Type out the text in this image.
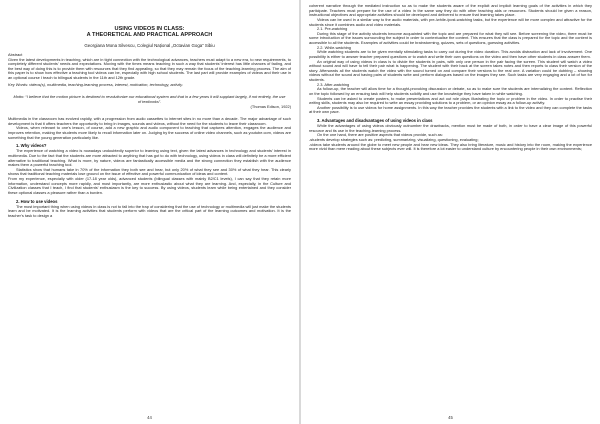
USING VIDEOS IN CLASS:
A THEORETICAL AND PRACTICAL APPROACH
Georgiana Mona Silvescu, Colegiul Național „Octavian Goga” Sibiu
Abstract

Given the latest developments in teaching, which are in tight connection with the technological advances, teachers must adapt to a new era, to new requirements, to completely different students’ needs and expectations. Moving with the times means teaching in such a way that students’ interest has little chances of fading, and the best way of doing this is to provide them with resources that they find appealing, so that they may remain the focus of the teaching-learning process. The aim of this paper is to show how effective a teaching tool videos can be, especially with high school students. The last part will provide examples of videos and their use in an optional course I teach to bilingual students in the 11th and 12th grade.

Key Words: videos(s), multimedia, teaching-learning process, interest, motivation, technology, activity.

Motto: “I believe that the motion picture is destined to revolutionize our educational system and that in a few years it will supplant largely, if not entirely, the use of textbooks”.

(Thomas Edison, 1922)

Multimedia in the classroom has evolved rapidly, with a progression from audio cassettes to internet sites in no more than a decade. The major advantage of such development is that it offers teachers the opportunity to bring in images, sounds and videos, without the need for the students to leave their classroom.

Videos, when relevant to one’s lesson, of course, add a new graphic and audio component to teaching that captures attention, engages the audience and improves retention, making the students more likely to recall information later on. Judging by the success of online video channels, such as youtube.com, videos are something that the young generation particularly like.

1. Why videos?

The experience of watching a video is nowadays undoubtedly superior to learning using text, given the latest advances in technology and students’ interest in multimedia. Due to the fact that the students are more attracted to anything that has got to do with technology, using videos in class will definitely be a more efficient alternative to traditional teaching. What is more, by nature, videos are fantastically accessible media and the strong connection they establish with the audience makes them a powerful teaching tool.

Statistics show that humans take in 70% of the information they both see and hear, but only 20% of what they see and 30% of what they hear. This clearly shows that traditional teaching materials lose ground on the issue of effective and powerful communication of ideas and content.

From my experience, especially with older (17-18 year olds), advanced students (bilingual classes with mainly B2/C1 levels), I can say that they retain more information, understand concepts more rapidly, and most importantly, are more enthusiastic about what they are learning. And, especially, in the Culture and Civilization classes that I teach, I find that students’ enthusiasm is the key to success. By using videos, students learn while being entertained and they consider these optional classes a pleasure rather than a burden.

2. How to use videos

The most important thing when using videos in class is not to fall into the trap of considering that the use of technology or multimedia will just make the students learn and be motivated. It is the learning activities that students perform with videos that are the critical part of the learning outcomes and motivation. It is the teacher’s task to design a

44

coherent narrative through the mediated instruction so as to make the students aware of the explicit and implicit learning goals of the activities in which they participate. Teachers must prepare for the use of a video in the same way they do with other teaching aids or resources. Students should be given a reason, instructional objectives and appropriate activities should be developed and delivered to ensure that learning takes place.

Videos can be used in a similar way to the audio materials, with pre-/while-/post-watching tasks, but the experience will be more complex and attractive for the students since it combines audio and video materials.

2.1. Pre-watching

During this stage of the activity students become acquainted with the topic and are prepared for what they will see. Before screening the video, there must be some introduction of the issues surrounding the subject in order to contextualise the content. This ensures that the class is prepared for the topic and the content is accessible to all the students. Examples of activities could be brainstorming, quizzes, sets of questions, guessing activities.

2.2. While-watching

While watching students are to be given mentally stimulating tasks to carry out during the video duration. This avoids distraction and lack of involvement. One possibility is either to answer teacher prepared questions or to watch and write their own questions on the video and then have other students in class answer them.

An original way of using videos in class is to divide the students in pairs, with only one person in the pair facing the screen. This student will watch a video without sound and will have to tell their pair what is happening. The student with their back at the screen takes notes and then reports to class their version of the story. Afterwards all the students watch the video with the sound turned on and compare their versions to the real one. A variation could be dubbing – showing videos without the sound and having pairs of students write and perform dialogues based on the images they see. Such tasks are very engaging and a lot of fun for students.

2.3. After-watching

As follow-up, the teacher will allow time for a thought-provoking discussion or debate, so as to make sure the students are internalizing the content. Reflection on the topic followed by an ensuing task will help students solidify and use the knowledge they have taken in while watching.

Students can be asked to create posters, to make presentations and act out role plays illustrating the topic or problem in the video. In order to practise their writing skills, students may also be required to write an essay providing solutions to a problem, or an opinion essay as a follow-up activity.

Another possibility is to use videos for home assignments. In this way the teacher provides the students with a link to the video and they can complete the tasks at their own pace.

3. Advantages and disadvantages of using videos in class

While the advantages of using videos obviously outnumber the drawbacks, mention must be made of both, in order to have a clear image of this powerful resource and its use in the teaching-learning process.

On the one hand, there are positive aspects that videos provide, such as:

-students develop strategies such as: predicting, summarizing, visualizing, questioning, evaluating;

-videos take students around the globe to meet new people and hear new ideas. They also bring literature, music and history into the room, making the experience more vivid than mere reading about these subjects ever will. It is therefore a lot easier to understand culture by encountering people in their own environments;

45
